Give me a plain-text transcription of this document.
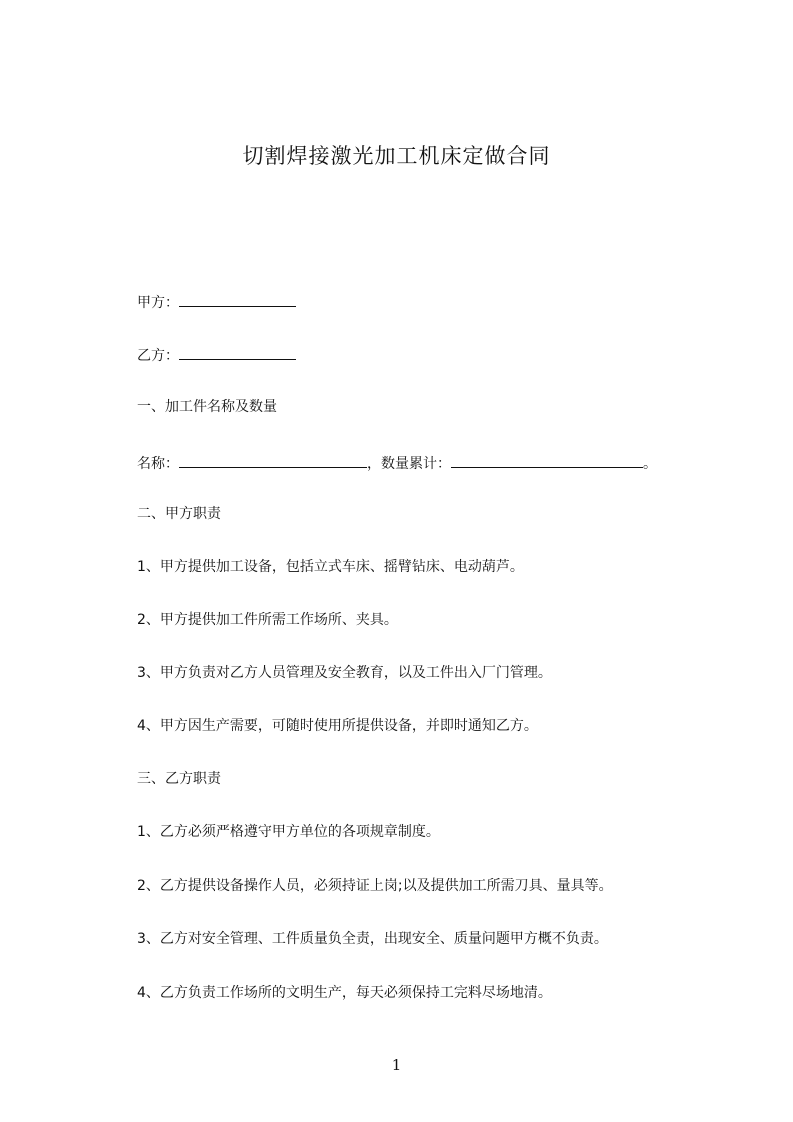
切割焊接激光加工机床定做合同
甲方：
乙方：
一、加工件名称及数量
名称：	，数量累计：	。
二、甲方职责
1、甲方提供加工设备，包括立式车床、摇臂钻床、电动葫芦。
2、甲方提供加工件所需工作场所、夹具。
3、甲方负责对乙方人员管理及安全教育，以及工件出入厂门管理。
4、甲方因生产需要，可随时使用所提供设备，并即时通知乙方。
三、乙方职责
1、乙方必须严格遵守甲方单位的各项规章制度。
2、乙方提供设备操作人员，必须持证上岗;以及提供加工所需刀具、量具等。
3、乙方对安全管理、工件质量负全责，出现安全、质量问题甲方概不负责。
4、乙方负责工作场所的文明生产，每天必须保持工完料尽场地清。
1
